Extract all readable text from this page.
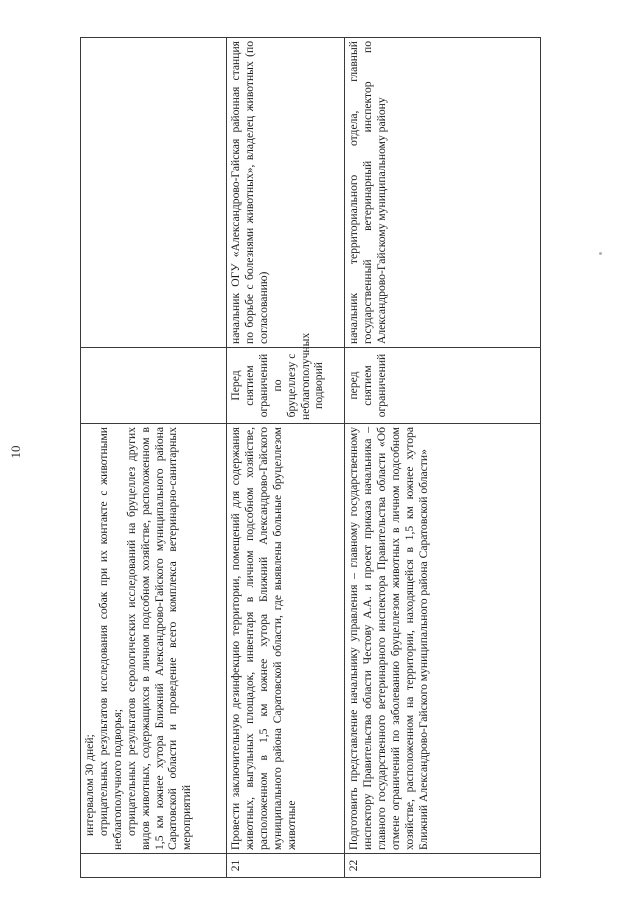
10

	интервалом 30 дней; отрицательных результатов исследования собак при их контакте с животными неблагополучного подворья; отрицательных результатов серологических исследований на бруцеллез других видов животных, содержащихся в личном подсобном хозяйстве, расположенном в 1,5 км южнее хутора Ближний Александрово-Гайского муниципального района Саратовской области и проведение всего комплекса ветеринарно-санитарных мероприятий		

21	Провести заключительную дезинфекцию территории, помещений для содержания животных, выгульных площадок, инвентаря в личном подсобном хозяйстве, расположенном в 1,5 км южнее хутора Ближний Александрово-Гайского муниципального района Саратовской области, где выявлены больные бруцеллезом животные	Перед снятием ограничений по бруцеллезу с неблагополучных подворий	начальник ОГУ «Александрово-Гайская районная станция по борьбе с болезнями животных», владелец животных (по согласованию)
22	Подготовить представление начальнику управления – главному государственному инспектору Правительства области Честову А.А. и проект приказа начальника – главного государственного ветеринарного инспектора Правительства области «Об отмене ограничений по заболеванию бруцеллезом животных в личном подсобном хозяйстве, расположенном на территории, находящейся в 1,5 км южнее хутора Ближний Александрово-Гайского муниципального района Саратовской области»	перед снятием ограничений	начальник территориального отдела, главный государственный ветеринарный инспектор по Александрово-Гайскому муниципальному району
